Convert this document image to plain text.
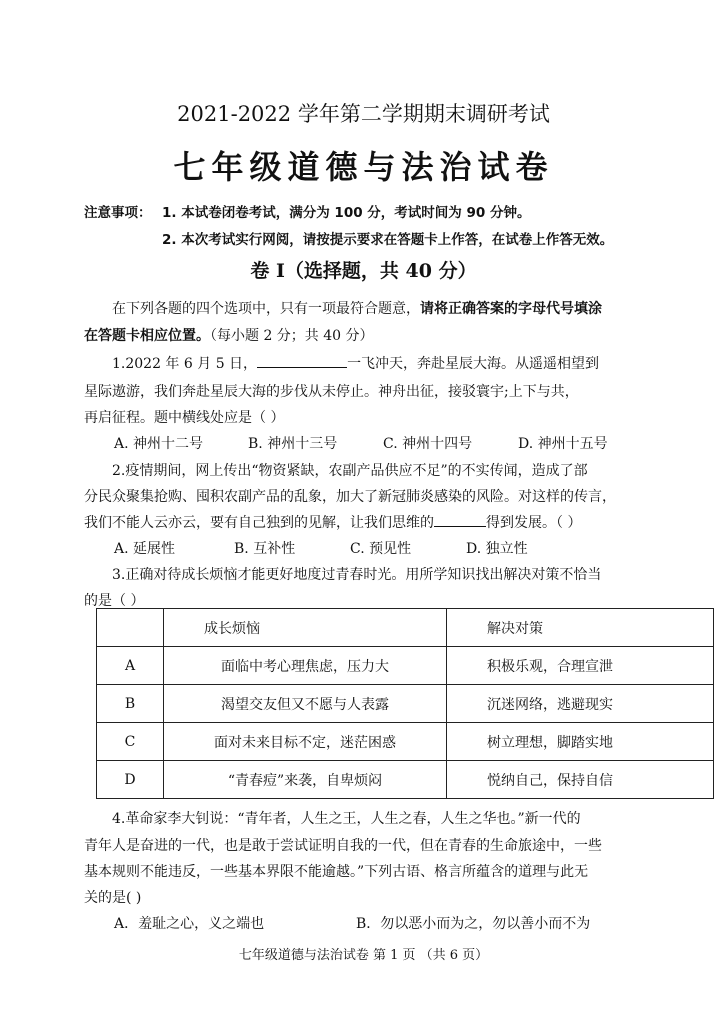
2021-2022 学年第二学期期末调研考试
七年级道德与法治试卷
注意事项： 1. 本试卷闭卷考试，满分为 100 分，考试时间为 90 分钟。
2. 本次考试实行网阅，请按提示要求在答题卡上作答，在试卷上作答无效。
卷 I（选择题，共 40 分）
在下列各题的四个选项中，只有一项最符合题意，请将正确答案的字母代号填涂
在答题卡相应位置。（每小题 2 分；共 40 分）
1.2022 年 6 月 5 日，	一飞冲天，奔赴星辰大海。从遥遥相望到
星际遨游，我们奔赴星辰大海的步伐从未停止。神舟出征，接驳寰宇;上下与共，
再启征程。题中横线处应是（ ）
A. 神州十二号	B. 神州十三号	C. 神州十四号	D. 神州十五号
2.疫情期间，网上传出“物资紧缺，农副产品供应不足”的不实传闻，造成了部
分民众聚集抢购、囤积农副产品的乱象，加大了新冠肺炎感染的风险。对这样的传言，
我们不能人云亦云，要有自己独到的见解，让我们思维的	得到发展。（ ）
A. 延展性	B. 互补性	C. 预见性	D. 独立性
3.正确对待成长烦恼才能更好地度过青春时光。用所学知识找出解决对策不恰当
的是（ ）
	成长烦恼	解决对策
A	面临中考心理焦虑，压力大	积极乐观，合理宣泄
B	渴望交友但又不愿与人表露	沉迷网络，逃避现实
C	面对未来目标不定，迷茫困惑	树立理想，脚踏实地
D	“青春痘”来袭，自卑烦闷	悦纳自己，保持自信
4.革命家李大钊说：“青年者，人生之王，人生之春，人生之华也。”新一代的
青年人是奋进的一代，也是敢于尝试证明自我的一代，但在青春的生命旅途中，一些
基本规则不能违反，一些基本界限不能逾越。”下列古语、格言所蕴含的道理与此无
关的是( )
A．羞耻之心，义之端也	B．勿以恶小而为之，勿以善小而不为
七年级道德与法治试卷 第 1 页 （共 6 页）
